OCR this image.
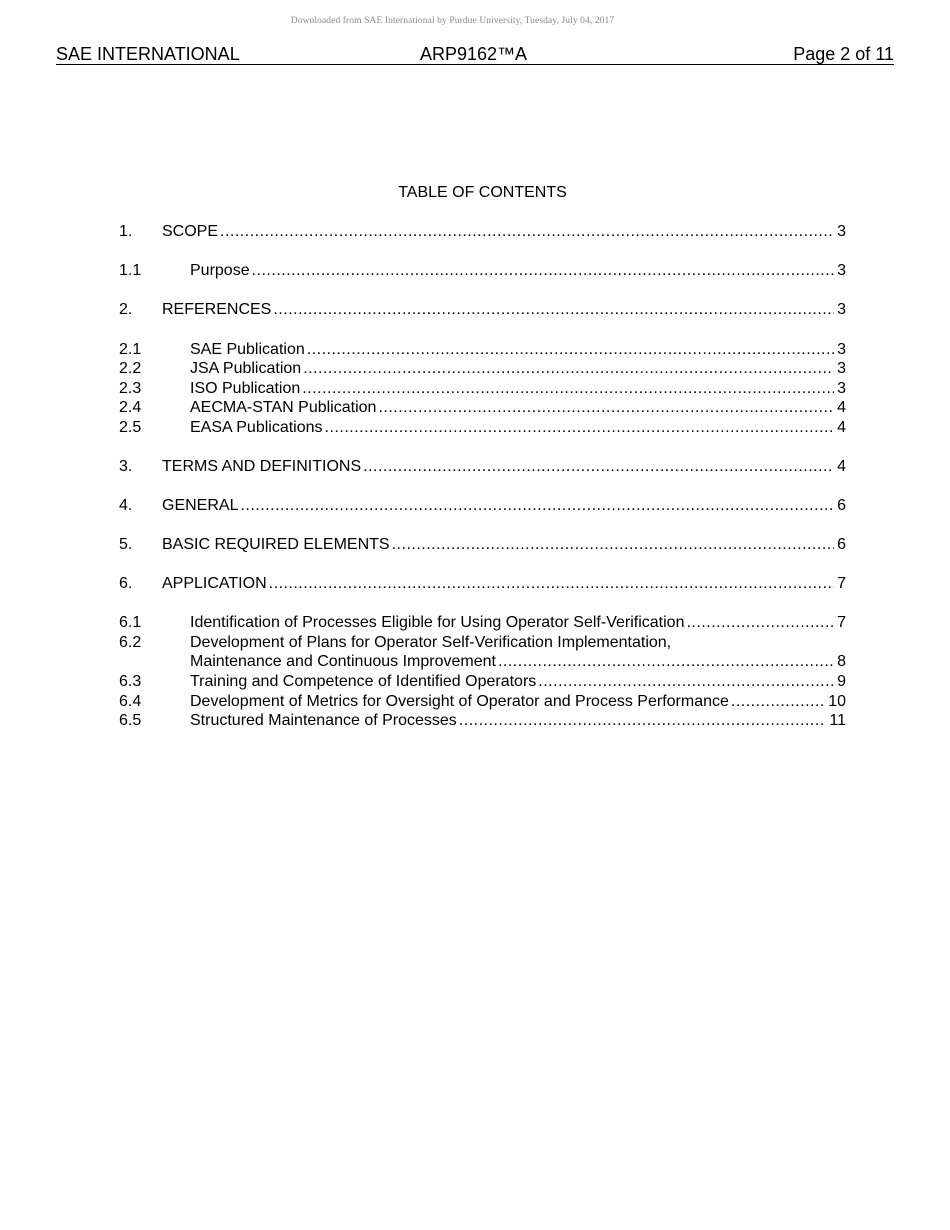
Downloaded from SAE International by Purdue University, Tuesday, July 04, 2017
SAE INTERNATIONAL	ARP9162™A	Page 2 of 11
TABLE OF CONTENTS
1. SCOPE .....	3
1.1	Purpose .....	3
2. REFERENCES .....	3
2.1	SAE Publication .....	3
2.2	JSA Publication .....	3
2.3	ISO Publication .....	3
2.4	AECMA-STAN Publication .....	4
2.5	EASA Publications .....	4
3. TERMS AND DEFINITIONS .....	4
4. GENERAL .....	6
5. BASIC REQUIRED ELEMENTS .....	6
6. APPLICATION .....	7
6.1	Identification of Processes Eligible for Using Operator Self-Verification .....	7
6.2	Development of Plans for Operator Self-Verification Implementation,
Maintenance and Continuous Improvement .....	8
6.3	Training and Competence of Identified Operators .....	9
6.4	Development of Metrics for Oversight of Operator and Process Performance .....	10
6.5	Structured Maintenance of Processes .....	11
